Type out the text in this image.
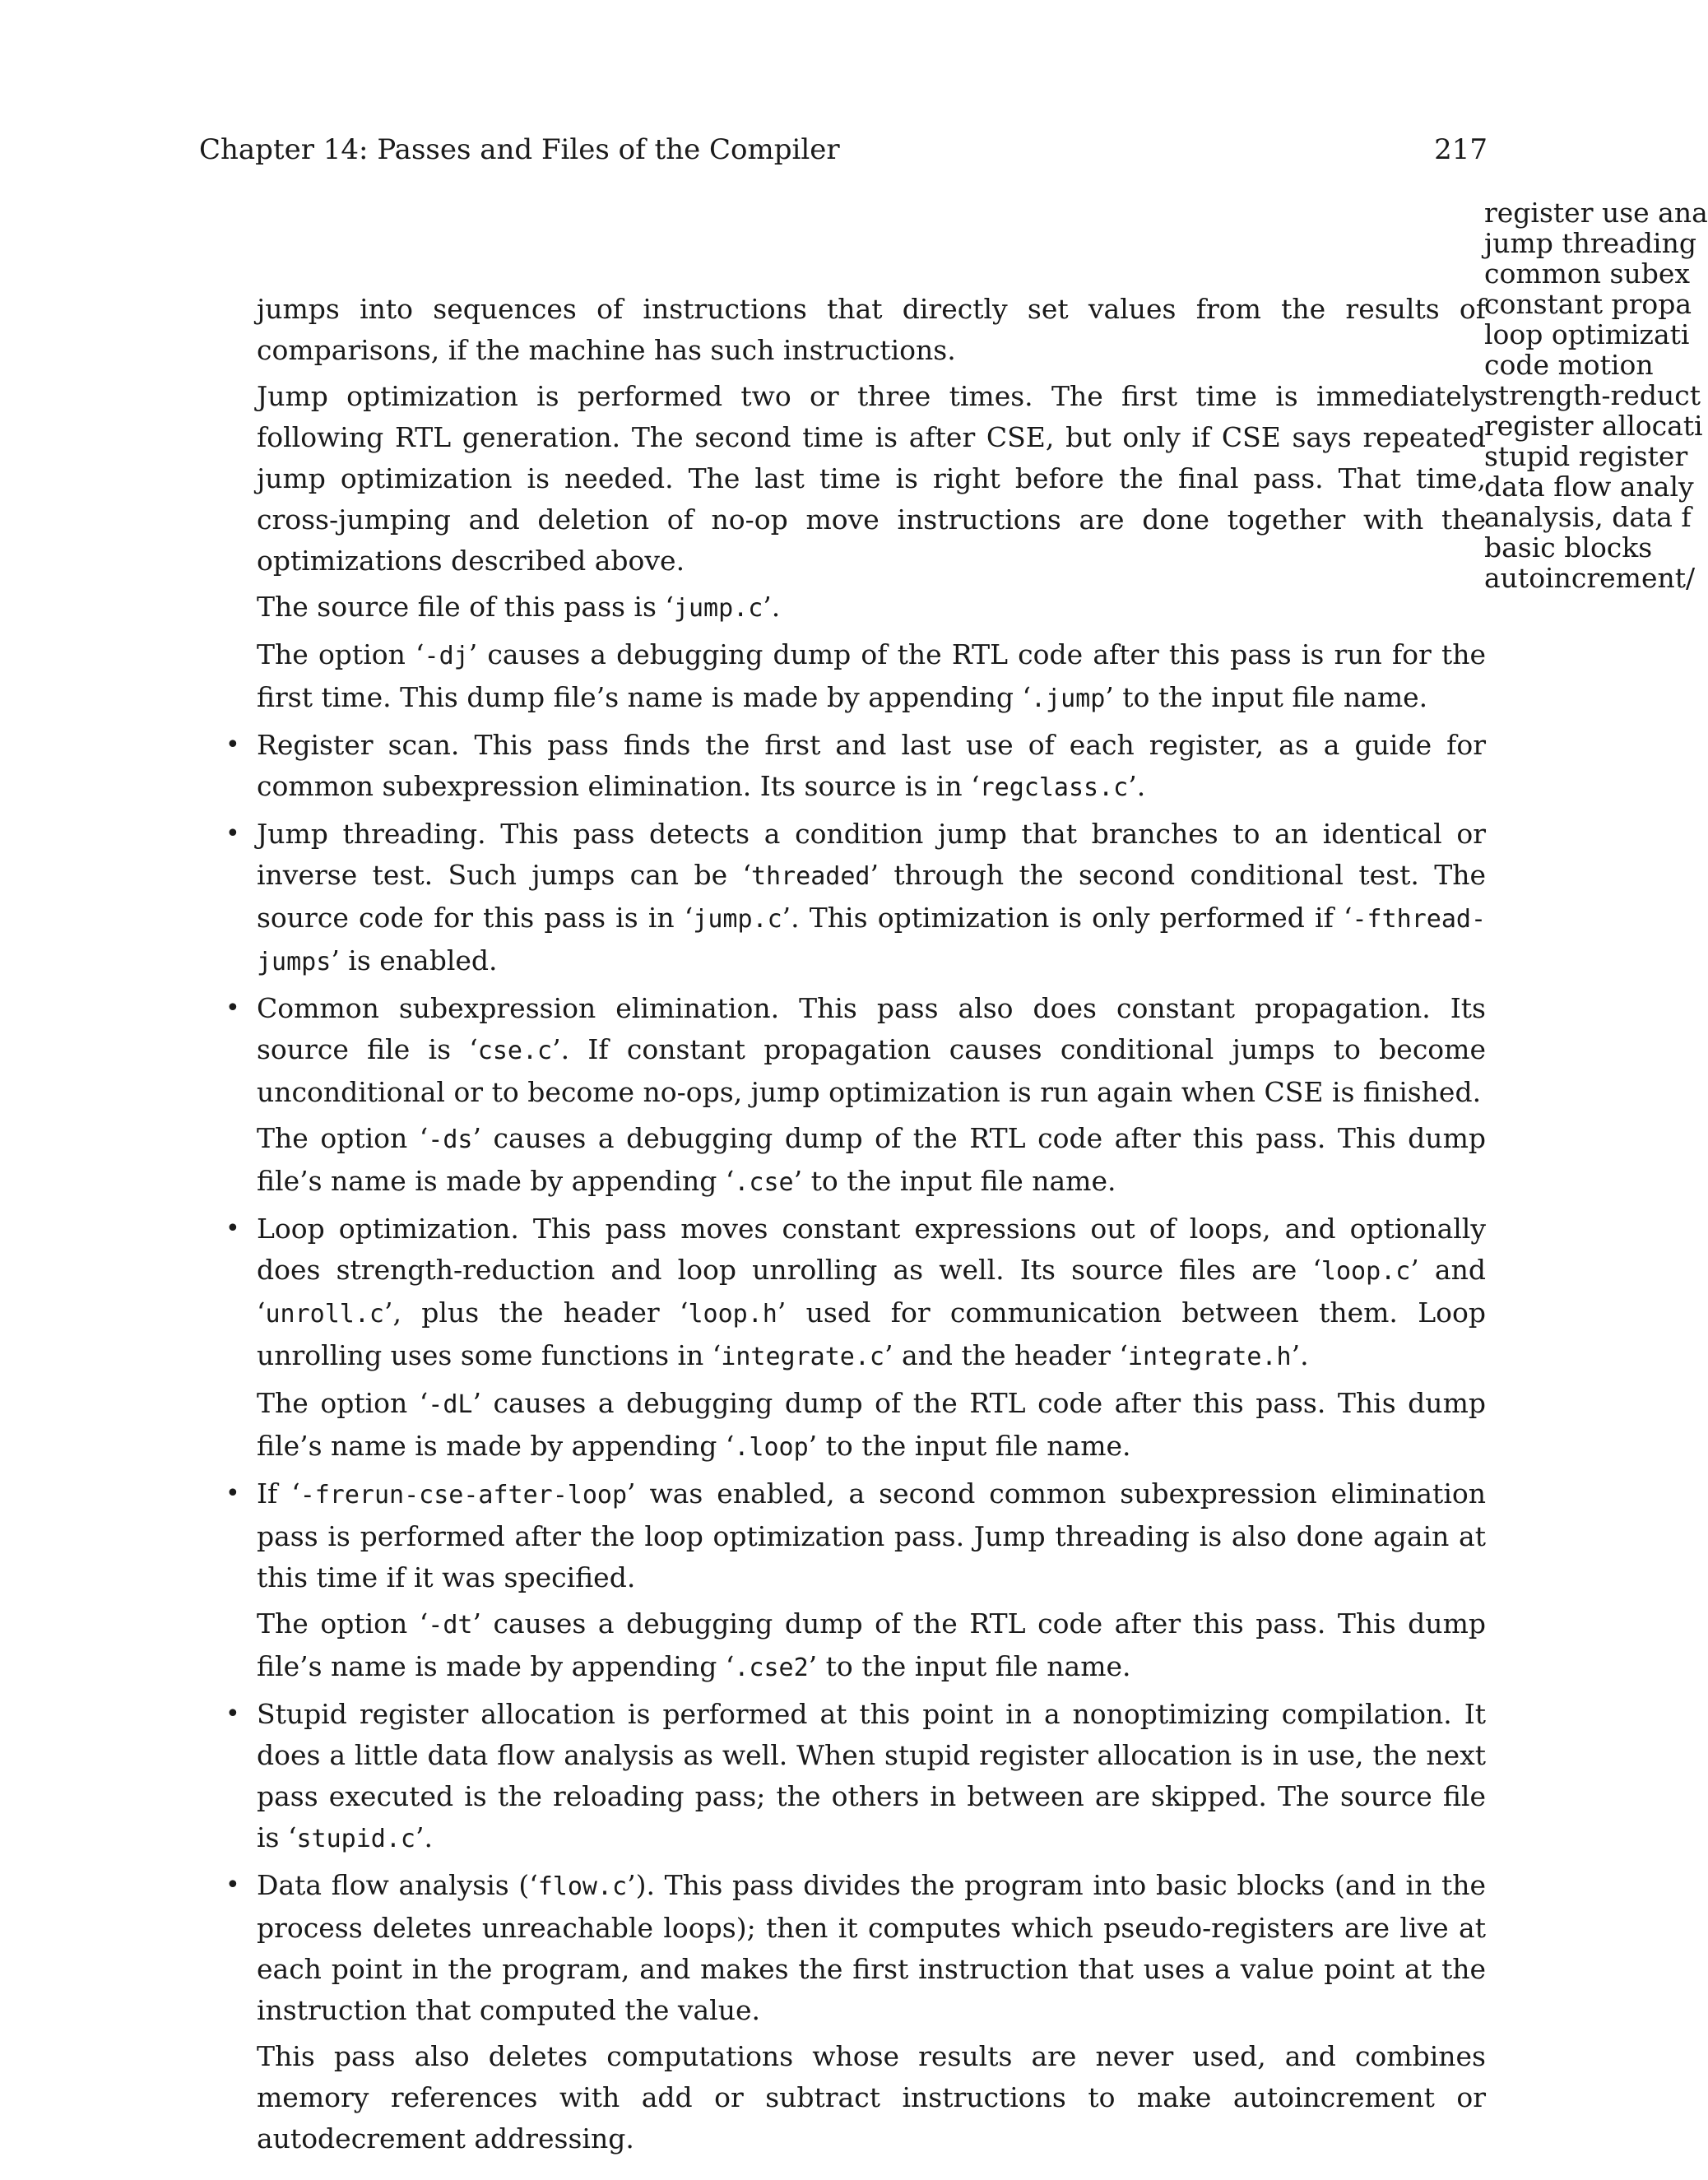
Chapter 14: Passes and Files of the Compiler	217
register use ana
jump threading
common subex
constant propa
loop optimizati
code motion
strength-reduct
register allocati
stupid register
data flow analy
analysis, data f
basic blocks
autoincrement/

jumps into sequences of instructions that directly set values from the results of comparisons, if the machine has such instructions.

Jump optimization is performed two or three times. The first time is immediately following RTL generation. The second time is after CSE, but only if CSE says repeated jump optimization is needed. The last time is right before the final pass. That time, cross-jumping and deletion of no-op move instructions are done together with the optimizations described above.

The source file of this pass is ‘jump.c’.

The option ‘-dj’ causes a debugging dump of the RTL code after this pass is run for the first time. This dump file’s name is made by appending ‘.jump’ to the input file name.

• Register scan. This pass finds the first and last use of each register, as a guide for common subexpression elimination. Its source is in ‘regclass.c’.

• Jump threading. This pass detects a condition jump that branches to an identical or inverse test. Such jumps can be ‘threaded’ through the second conditional test. The source code for this pass is in ‘jump.c’. This optimization is only performed if ‘-fthread-jumps’ is enabled.

• Common subexpression elimination. This pass also does constant propagation. Its source file is ‘cse.c’. If constant propagation causes conditional jumps to become unconditional or to become no-ops, jump optimization is run again when CSE is finished.

The option ‘-ds’ causes a debugging dump of the RTL code after this pass. This dump file’s name is made by appending ‘.cse’ to the input file name.

• Loop optimization. This pass moves constant expressions out of loops, and optionally does strength-reduction and loop unrolling as well. Its source files are ‘loop.c’ and ‘unroll.c’, plus the header ‘loop.h’ used for communication between them. Loop unrolling uses some functions in ‘integrate.c’ and the header ‘integrate.h’.

The option ‘-dL’ causes a debugging dump of the RTL code after this pass. This dump file’s name is made by appending ‘.loop’ to the input file name.

• If ‘-frerun-cse-after-loop’ was enabled, a second common subexpression elimination pass is performed after the loop optimization pass. Jump threading is also done again at this time if it was specified.

The option ‘-dt’ causes a debugging dump of the RTL code after this pass. This dump file’s name is made by appending ‘.cse2’ to the input file name.

• Stupid register allocation is performed at this point in a nonoptimizing compilation. It does a little data flow analysis as well. When stupid register allocation is in use, the next pass executed is the reloading pass; the others in between are skipped. The source file is ‘stupid.c’.

• Data flow analysis (‘flow.c’). This pass divides the program into basic blocks (and in the process deletes unreachable loops); then it computes which pseudo-registers are live at each point in the program, and makes the first instruction that uses a value point at the instruction that computed the value.

This pass also deletes computations whose results are never used, and combines memory references with add or subtract instructions to make autoincrement or autodecrement addressing.
